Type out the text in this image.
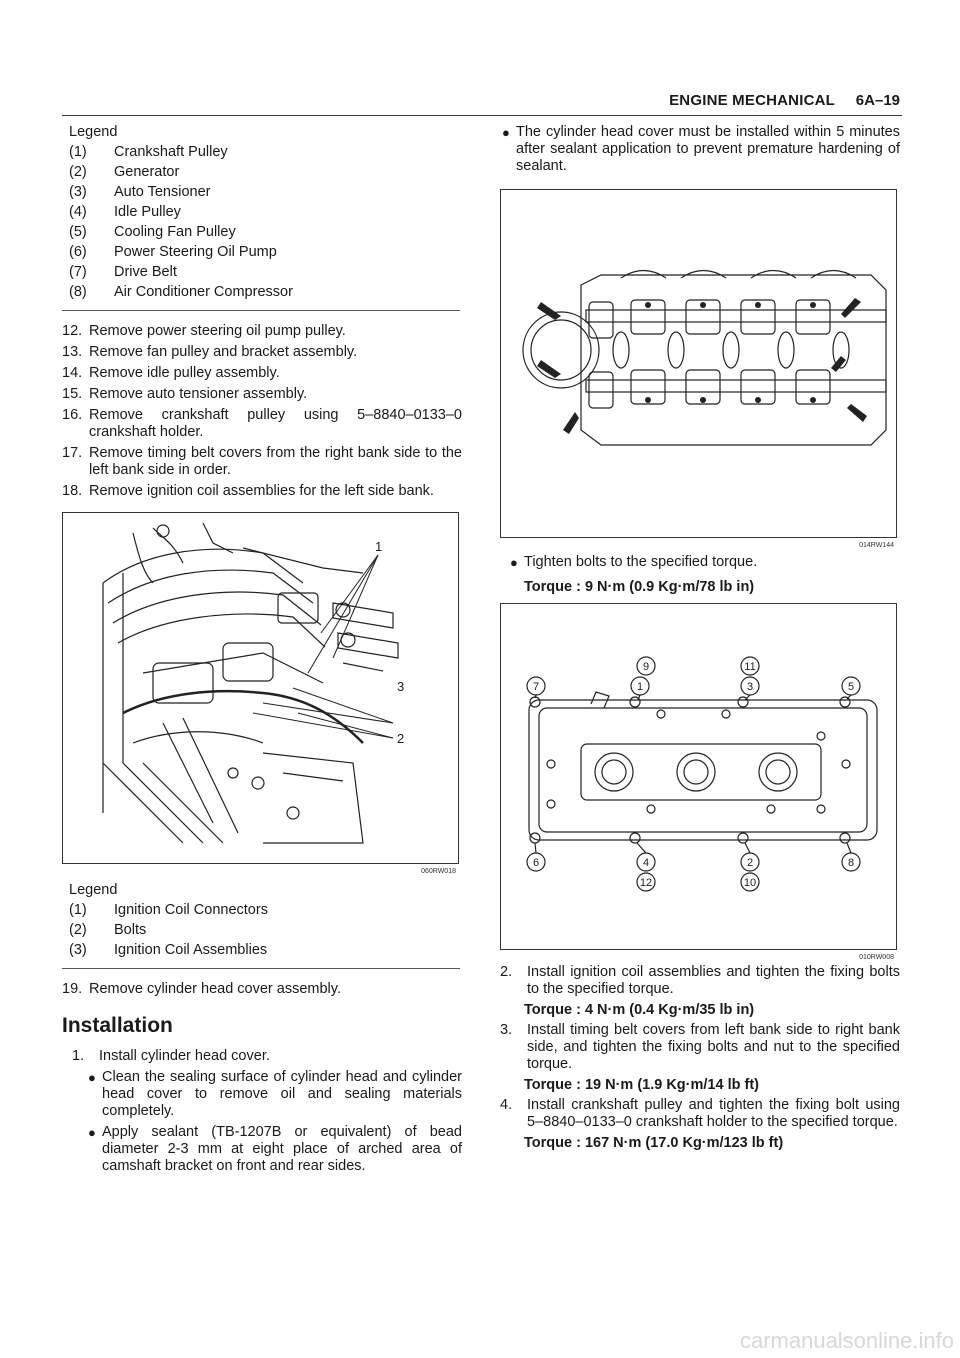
ENGINE MECHANICAL 6A–19
Legend
(1)	Crankshaft Pulley
(2)	Generator
(3)	Auto Tensioner
(4)	Idle Pulley
(5)	Cooling Fan Pulley
(6)	Power Steering Oil Pump
(7)	Drive Belt
(8)	Air Conditioner Compressor
12. Remove power steering oil pump pulley.
13. Remove fan pulley and bracket assembly.
14. Remove idle pulley assembly.
15. Remove auto tensioner assembly.
16. Remove crankshaft pulley using 5–8840–0133–0 crankshaft holder.
17. Remove timing belt covers from the right bank side to the left bank side in order.
18. Remove ignition coil assemblies for the left side bank.
1
3
2
060RW018
Legend
(1)	Ignition Coil Connectors
(2)	Bolts
(3)	Ignition Coil Assemblies
19. Remove cylinder head cover assembly.
Installation
1. Install cylinder head cover.
● Clean the sealing surface of cylinder head and cylinder head cover to remove oil and sealing materials completely.
● Apply sealant (TB-1207B or equivalent) of bead diameter 2-3 mm at eight place of arched area of camshaft bracket on front and rear sides.
● The cylinder head cover must be installed within 5 minutes after sealant application to prevent premature hardening of sealant.
014RW144
● Tighten bolts to the specified torque.
Torque : 9 N·m (0.9 Kg·m/78 lb in)
9	11
7	1	3	5
6	4	2	8
12	10
010RW008
2. Install ignition coil assemblies and tighten the fixing bolts to the specified torque.
Torque : 4 N·m (0.4 Kg·m/35 lb in)
3. Install timing belt covers from left bank side to right bank side, and tighten the fixing bolts and nut to the specified torque.
Torque : 19 N·m (1.9 Kg·m/14 lb ft)
4. Install crankshaft pulley and tighten the fixing bolt using 5–8840–0133–0 crankshaft holder to the specified torque.
Torque : 167 N·m (17.0 Kg·m/123 lb ft)
carmanualsonline.info
